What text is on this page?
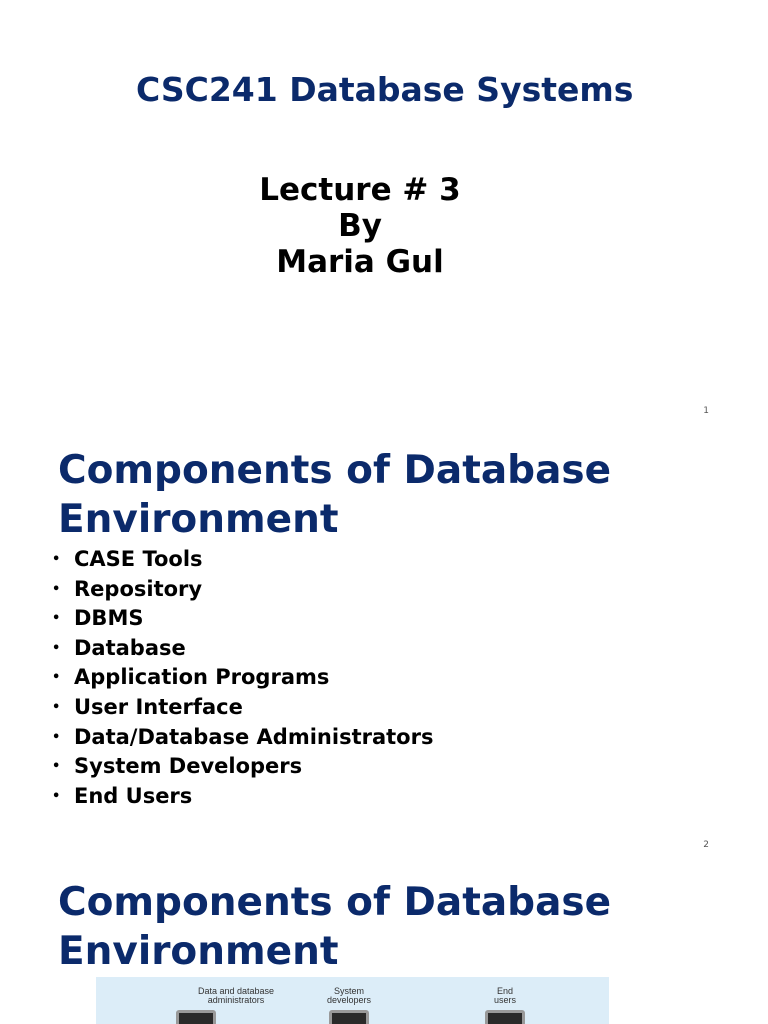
CSC241 Database Systems
Lecture # 3
By
Maria Gul
1
Components of Database
Environment
• CASE Tools
• Repository
• DBMS
• Database
• Application Programs
• User Interface
• Data/Database Administrators
• System Developers
• End Users
2
Components of Database
Environment
Data and database
administrators
System
developers
End
users
